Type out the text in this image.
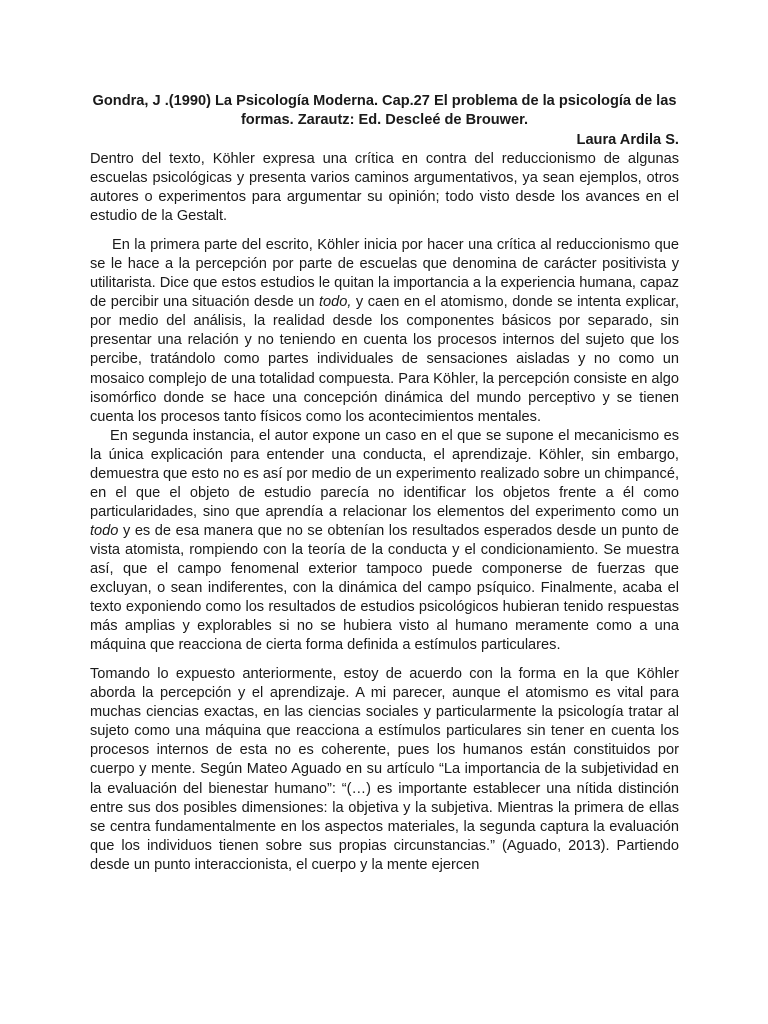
Gondra, J .(1990) La Psicología Moderna. Cap.27 El problema de la psicología de las formas. Zarautz: Ed. Descleé de Brouwer.
Laura Ardila S.

Dentro del texto, Köhler expresa una crítica en contra del reduccionismo de algunas escuelas psicológicas y presenta varios caminos argumentativos, ya sean ejemplos, otros autores o experimentos para argumentar su opinión; todo visto desde los avances en el estudio de la Gestalt.

En la primera parte del escrito, Köhler inicia por hacer una crítica al reduccionismo que se le hace a la percepción por parte de escuelas que denomina de carácter positivista y utilitarista. Dice que estos estudios le quitan la importancia a la experiencia humana, capaz de percibir una situación desde un todo, y caen en el atomismo, donde se intenta explicar, por medio del análisis, la realidad desde los componentes básicos por separado, sin presentar una relación y no teniendo en cuenta los procesos internos del sujeto que los percibe, tratándolo como partes individuales de sensaciones aisladas y no como un mosaico complejo de una totalidad compuesta. Para Köhler, la percepción consiste en algo isomórfico donde se hace una concepción dinámica del mundo perceptivo y se tienen cuenta los procesos tanto físicos como los acontecimientos mentales.

En segunda instancia, el autor expone un caso en el que se supone el mecanicismo es la única explicación para entender una conducta, el aprendizaje. Köhler, sin embargo, demuestra que esto no es así por medio de un experimento realizado sobre un chimpancé, en el que el objeto de estudio parecía no identificar los objetos frente a él como particularidades, sino que aprendía a relacionar los elementos del experimento como un todo y es de esa manera que no se obtenían los resultados esperados desde un punto de vista atomista, rompiendo con la teoría de la conducta y el condicionamiento. Se muestra así, que el campo fenomenal exterior tampoco puede componerse de fuerzas que excluyan, o sean indiferentes, con la dinámica del campo psíquico. Finalmente, acaba el texto exponiendo como los resultados de estudios psicológicos hubieran tenido respuestas más amplias y explorables si no se hubiera visto al humano meramente como a una máquina que reacciona de cierta forma definida a estímulos particulares.

Tomando lo expuesto anteriormente, estoy de acuerdo con la forma en la que Köhler aborda la percepción y el aprendizaje. A mi parecer, aunque el atomismo es vital para muchas ciencias exactas, en las ciencias sociales y particularmente la psicología tratar al sujeto como una máquina que reacciona a estímulos particulares sin tener en cuenta los procesos internos de esta no es coherente, pues los humanos están constituidos por cuerpo y mente. Según Mateo Aguado en su artículo “La importancia de la subjetividad en la evaluación del bienestar humano”: “(…) es importante establecer una nítida distinción entre sus dos posibles dimensiones: la objetiva y la subjetiva. Mientras la primera de ellas se centra fundamentalmente en los aspectos materiales, la segunda captura la evaluación que los individuos tienen sobre sus propias circunstancias.” (Aguado, 2013). Partiendo desde un punto interaccionista, el cuerpo y la mente ejercen
